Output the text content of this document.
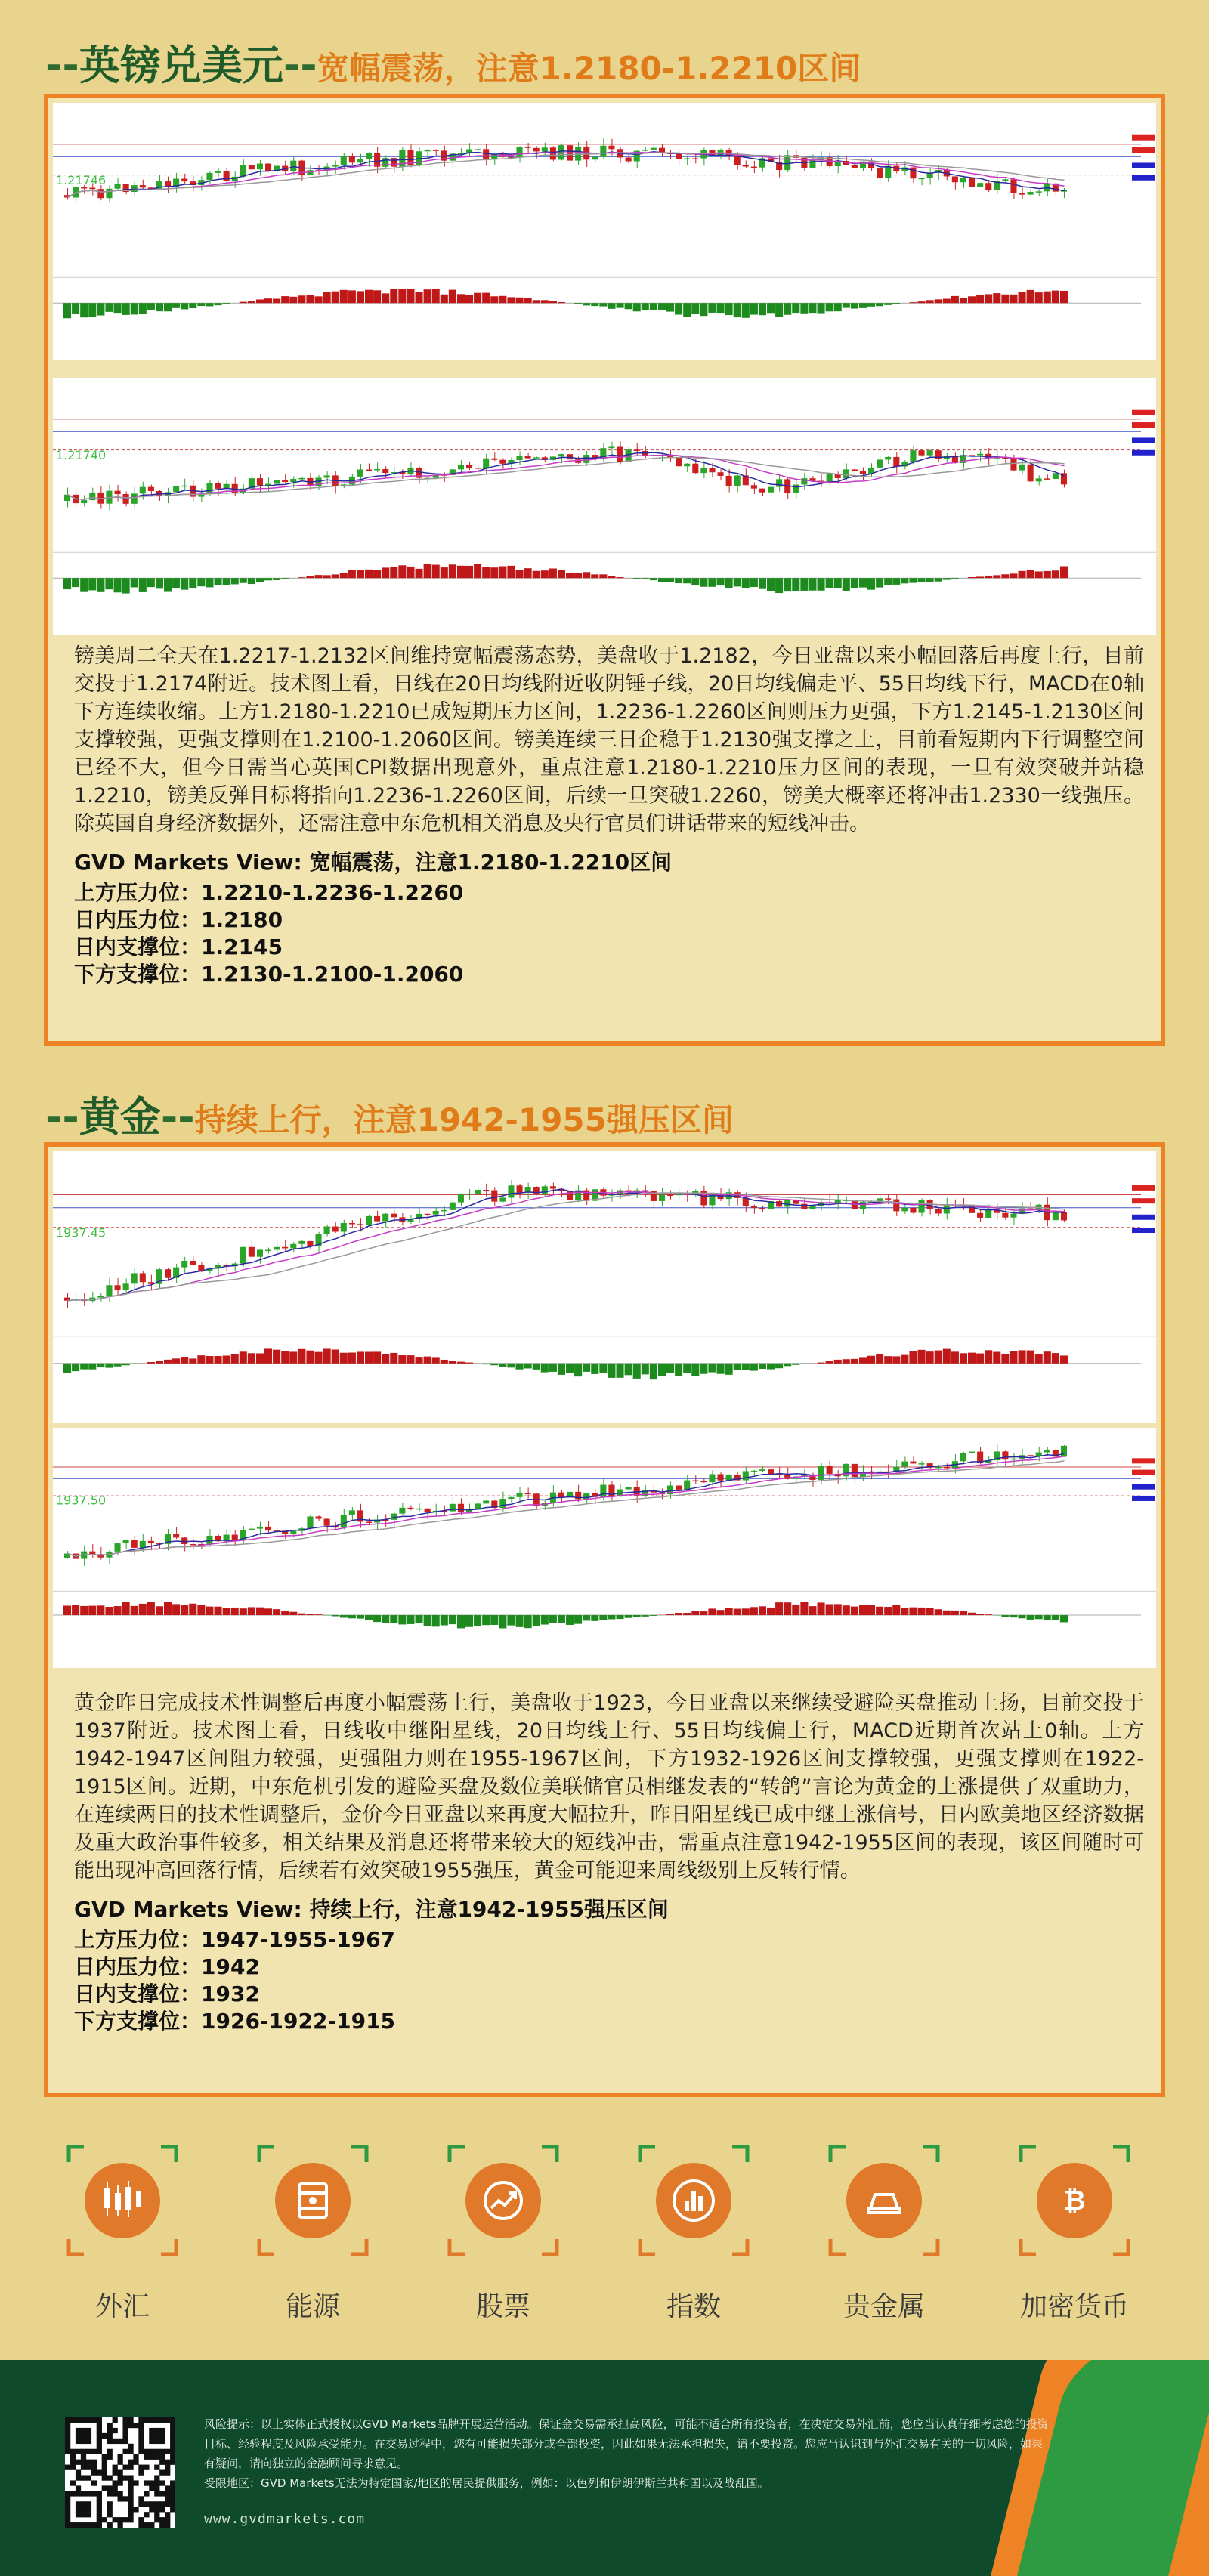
--英镑兑美元--宽幅震荡，注意1.2180-1.2210区间
1.21746
1.21740
镑美周二全天在1.2217-1.2132区间维持宽幅震荡态势，美盘收于1.2182，今日亚盘以来小幅回落后再度上行，目前交投于1.2174附近。技术图上看，日线在20日均线附近收阴锤子线，20日均线偏走平、55日均线下行，MACD在0轴下方连续收缩。上方1.2180-1.2210已成短期压力区间，1.2236-1.2260区间则压力更强，下方1.2145-1.2130区间支撑较强，更强支撑则在1.2100-1.2060区间。镑美连续三日企稳于1.2130强支撑之上，目前看短期内下行调整空间已经不大，但今日需当心英国CPI数据出现意外，重点注意1.2180-1.2210压力区间的表现，一旦有效突破并站稳1.2210，镑美反弹目标将指向1.2236-1.2260区间，后续一旦突破1.2260，镑美大概率还将冲击1.2330一线强压。除英国自身经济数据外，还需注意中东危机相关消息及央行官员们讲话带来的短线冲击。
GVD Markets View: 宽幅震荡，注意1.2180-1.2210区间
上方压力位：1.2210-1.2236-1.2260
日内压力位：1.2180
日内支撑位：1.2145
下方支撑位：1.2130-1.2100-1.2060
--黄金--持续上行，注意1942-1955强压区间
1937.45
1937.50
黄金昨日完成技术性调整后再度小幅震荡上行，美盘收于1923，今日亚盘以来继续受避险买盘推动上扬，目前交投于1937附近。技术图上看，日线收中继阳星线，20日均线上行、55日均线偏上行，MACD近期首次站上0轴。上方1942-1947区间阻力较强，更强阻力则在1955-1967区间，下方1932-1926区间支撑较强，更强支撑则在1922-1915区间。近期，中东危机引发的避险买盘及数位美联储官员相继发表的“转鸽”言论为黄金的上涨提供了双重助力，在连续两日的技术性调整后，金价今日亚盘以来再度大幅拉升，昨日阳星线已成中继上涨信号，日内欧美地区经济数据及重大政治事件较多，相关结果及消息还将带来较大的短线冲击，需重点注意1942-1955区间的表现，该区间随时可能出现冲高回落行情，后续若有效突破1955强压，黄金可能迎来周线级别上反转行情。
GVD Markets View: 持续上行，注意1942-1955强压区间
上方压力位：1947-1955-1967
日内压力位：1942
日内支撑位：1932
下方支撑位：1926-1922-1915
外汇	能源	股票	指数	贵金属
₿
加密货币
风险提示：以上实体正式授权以GVD Markets品牌开展运营活动。保证金交易需承担高风险，可能不适合所有投资者，在决定交易外汇前，您应当认真仔细考虑您的投资目标、经验程度及风险承受能力。在交易过程中，您有可能损失部分或全部投资，因此如果无法承担损失，请不要投资。您应当认识到与外汇交易有关的一切风险，如果有疑问，请向独立的金融顾问寻求意见。
受限地区：GVD Markets无法为特定国家/地区的居民提供服务，例如：以色列和伊朗伊斯兰共和国以及战乱国。
www.gvdmarkets.com
